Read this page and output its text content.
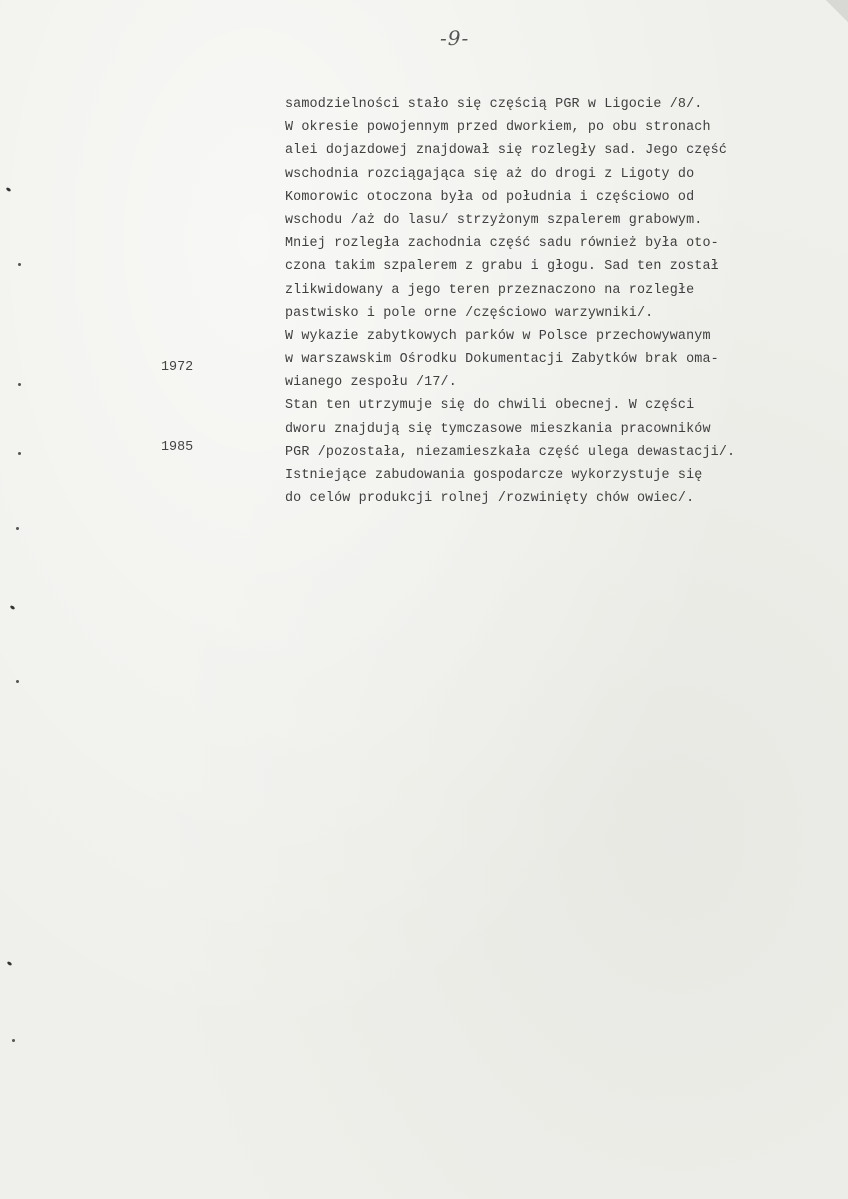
-9-
1972
1985
samodzielności stało się częścią PGR w Ligocie /8/.
W okresie powojennym przed dworkiem, po obu stronach
alei dojazdowej znajdował się rozległy sad. Jego część
wschodnia rozciągająca się aż do drogi z Ligoty do
Komorowic otoczona była od południa i częściowo od
wschodu /aż do lasu/ strzyżonym szpalerem grabowym.
Mniej rozległa zachodnia część sadu również była oto-
czona takim szpalerem z grabu i głogu. Sad ten został
zlikwidowany a jego teren przeznaczono na rozległe
pastwisko i pole orne /częściowo warzywniki/.
W wykazie zabytkowych parków w Polsce przechowywanym
w warszawskim Ośrodku Dokumentacji Zabytków brak oma-
wianego zespołu /17/.
Stan ten utrzymuje się do chwili obecnej. W części
dworu znajdują się tymczasowe mieszkania pracowników
PGR /pozostała, niezamieszkała część ulega dewastacji/.
Istniejące zabudowania gospodarcze wykorzystuje się
do celów produkcji rolnej /rozwinięty chów owiec/.
